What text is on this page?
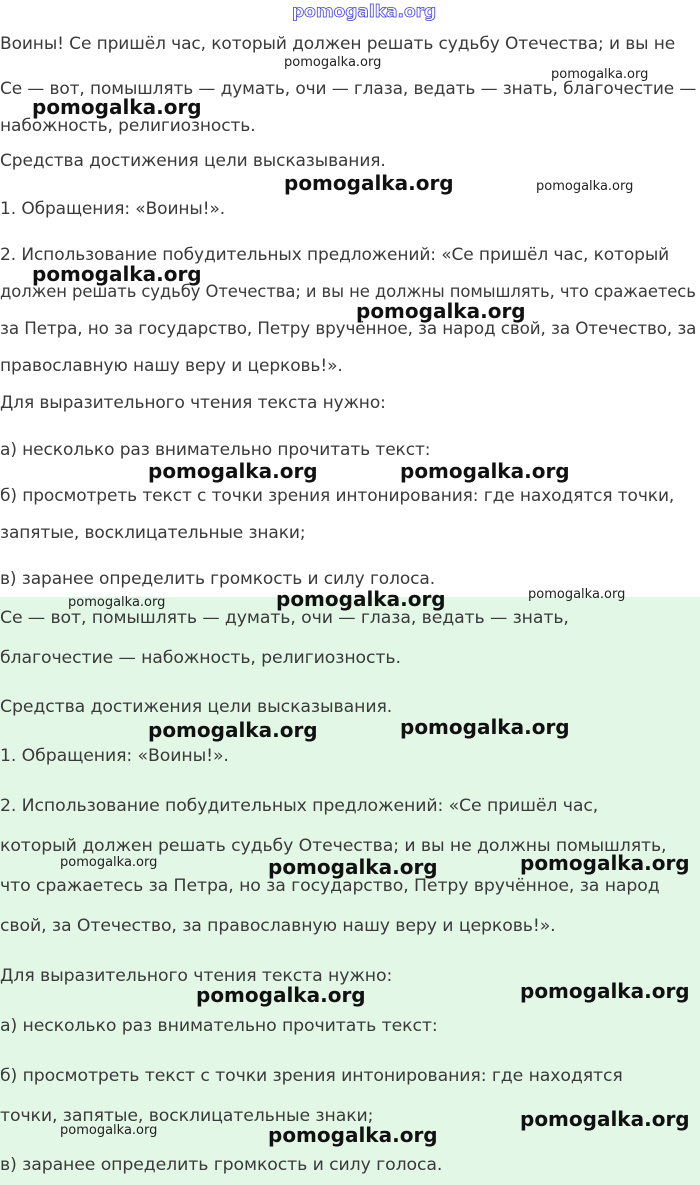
Воины! Се пришёл час, который должен решать судьбу Отечества; и вы не

Се — вот, помышлять — думать, очи — глаза, ведать — знать, благочестие —

набожность, религиозность.

Средства достижения цели высказывания.

1. Обращения: «Воины!».

2. Использование побудительных предложений: «Се пришёл час, который

должен решать судьбу Отечества; и вы не должны помышлять, что сражаетесь

за Петра, но за государство, Петру вручённое, за народ свой, за Отечество, за

православную нашу веру и церковь!».

Для выразительного чтения текста нужно:

а) несколько раз внимательно прочитать текст:

б) просмотреть текст с точки зрения интонирования: где находятся точки,

запятые, восклицательные знаки;

в) заранее определить громкость и силу голоса.

Се — вот, помышлять — думать, очи — глаза, ведать — знать,

благочестие — набожность, религиозность.

Средства достижения цели высказывания.

1. Обращения: «Воины!».

2. Использование побудительных предложений: «Се пришёл час,

который должен решать судьбу Отечества; и вы не должны помышлять,

что сражаетесь за Петра, но за государство, Петру вручённое, за народ

свой, за Отечество, за православную нашу веру и церковь!».

Для выразительного чтения текста нужно:

а) несколько раз внимательно прочитать текст:

б) просмотреть текст с точки зрения интонирования: где находятся

точки, запятые, восклицательные знаки;

в) заранее определить громкость и силу голоса.

pomogalka.org
pomogalka.org
pomogalka.org
pomogalka.org
pomogalka.org	pomogalka.org
pomogalka.org
pomogalka.org
pomogalka.org	pomogalka.org
pomogalka.org	pomogalka.org	pomogalka.org
pomogalka.org	pomogalka.org
pomogalka.org	pomogalka.org	pomogalka.org
pomogalka.org	pomogalka.org
pomogalka.org
pomogalka.org	pomogalka.org
